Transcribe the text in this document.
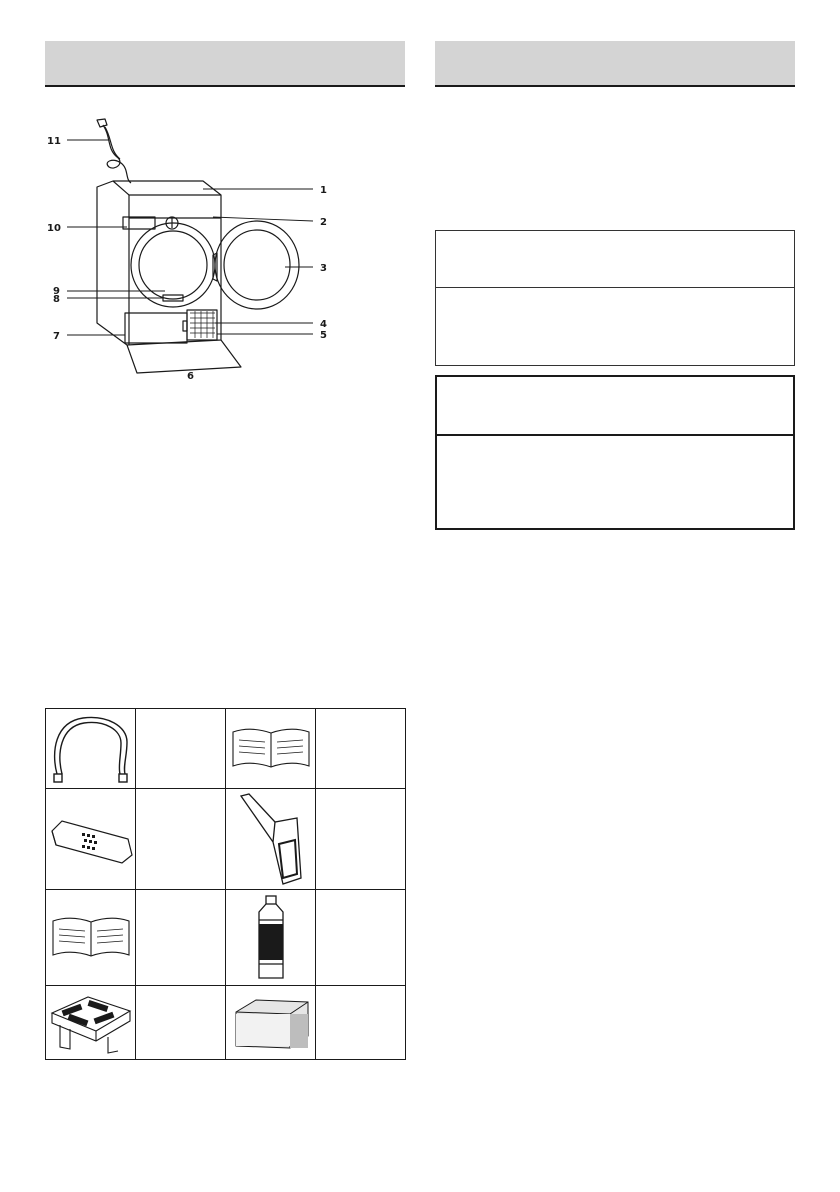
1
2
3
4
5
6
7
8
9
10
11
